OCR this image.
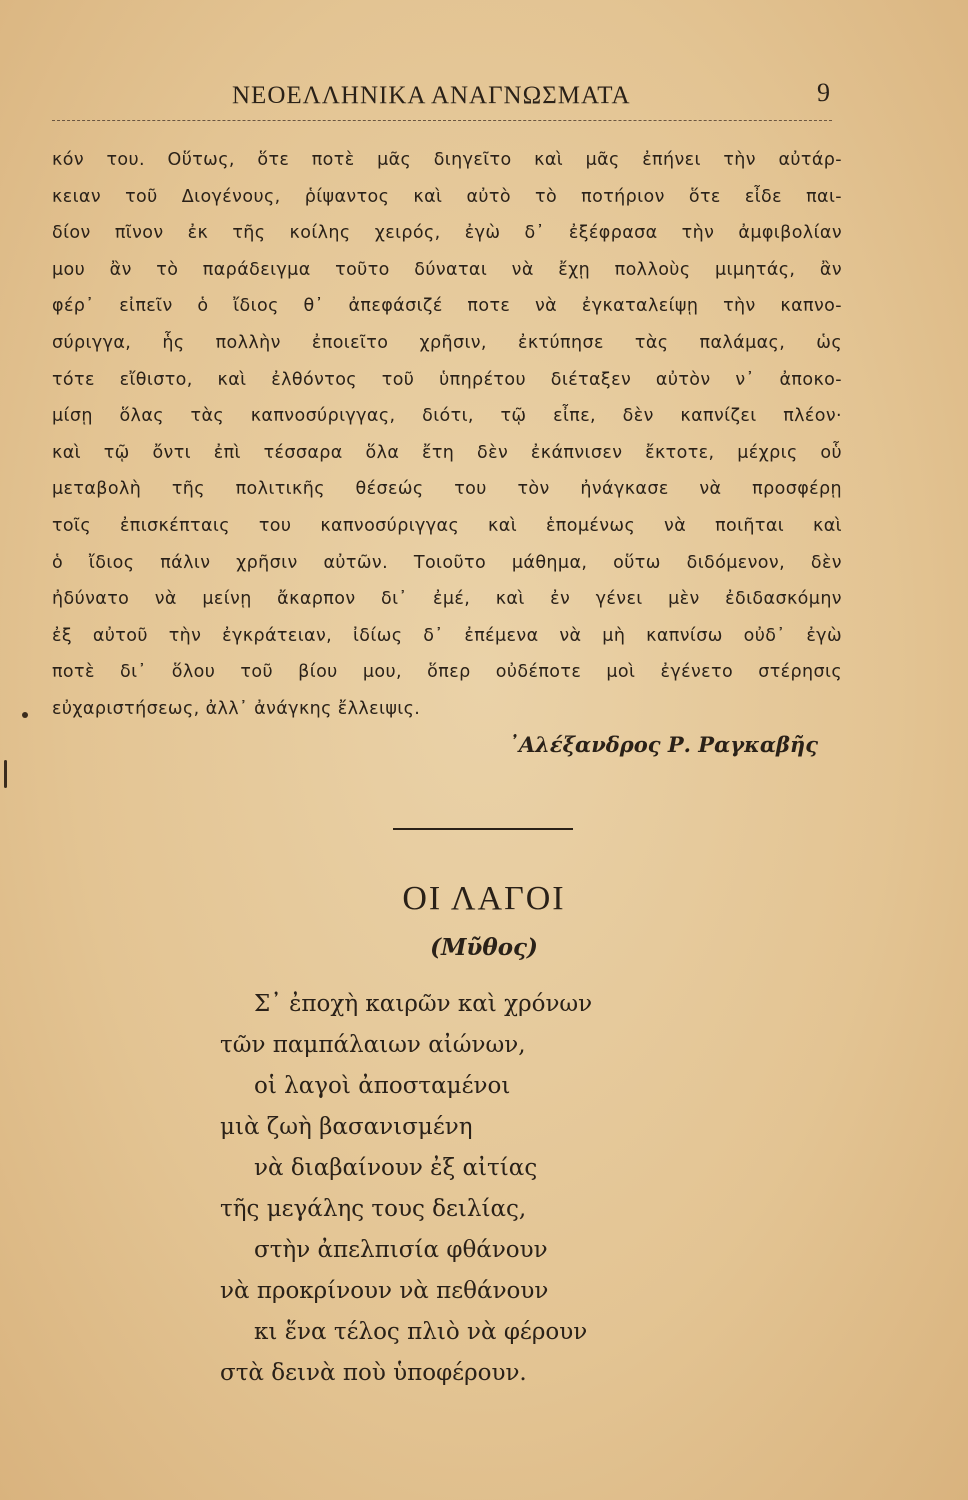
ΝΕΟΕΛΛΗΝΙΚΑ ΑΝΑΓΝΩΣΜΑΤΑ	9
κόν του. Οὕτως, ὅτε ποτὲ μᾶς διηγεῖτο καὶ μᾶς ἐπήνει τὴν αὐτάρ-
κειαν τοῦ Διογένους, ῥίψαντος καὶ αὐτὸ τὸ ποτήριον ὅτε εἶδε παι-
δίον πῖνον ἐκ τῆς κοίλης χειρός, ἐγὼ δ᾽ ἐξέφρασα τὴν ἀμφιβολίαν
μου ἂν τὸ παράδειγμα τοῦτο δύναται νὰ ἔχῃ πολλοὺς μιμητάς, ἂν
φέρ᾽ εἰπεῖν ὁ ἴδιος θ᾽ ἀπεφάσιζέ ποτε νὰ ἐγκαταλείψῃ τὴν καπνο-
σύριγγα, ἧς πολλὴν ἐποιεῖτο χρῆσιν, ἐκτύπησε τὰς παλάμας, ὡς
τότε εἴθιστο, καὶ ἐλθόντος τοῦ ὑπηρέτου διέταξεν αὐτὸν ν᾽ ἀποκο-
μίσῃ ὅλας τὰς καπνοσύριγγας, διότι, τῷ εἶπε, δὲν καπνίζει πλέον·
καὶ τῷ ὄντι ἐπὶ τέσσαρα ὅλα ἔτη δὲν ἐκάπνισεν ἔκτοτε, μέχρις οὗ
μεταβολὴ τῆς πολιτικῆς θέσεώς του τὸν ἠνάγκασε νὰ προσφέρῃ
τοῖς ἐπισκέπταις του καπνοσύριγγας καὶ ἑπομένως νὰ ποιῆται καὶ
ὁ ἴδιος πάλιν χρῆσιν αὐτῶν. Τοιοῦτο μάθημα, οὕτω διδόμενον, δὲν
ἠδύνατο νὰ μείνῃ ἄκαρπον δι᾽ ἐμέ, καὶ ἐν γένει μὲν ἐδιδασκόμην
ἐξ αὐτοῦ τὴν ἐγκράτειαν, ἰδίως δ᾽ ἐπέμενα νὰ μὴ καπνίσω οὐδ᾽ ἐγὼ
ποτὲ δι᾽ ὅλου τοῦ βίου μου, ὅπερ οὐδέποτε μοὶ ἐγένετο στέρησις
εὐχαριστήσεως, ἀλλ᾽ ἀνάγκης ἔλλειψις.
᾽Αλέξανδρος Ρ. Ραγκαβῆς
ΟΙ ΛΑΓΟΙ
(Μῦθος)
Σ᾽ ἐποχὴ καιρῶν καὶ χρόνων
τῶν παμπάλαιων αἰώνων,
οἱ λαγοὶ ἀποσταμένοι
μιὰ ζωὴ βασανισμένη
νὰ διαβαίνουν ἐξ αἰτίας
τῆς μεγάλης τους δειλίας,
στὴν ἀπελπισία φθάνουν
νὰ προκρίνουν νὰ πεθάνουν
κι ἕνα τέλος πλιὸ νὰ φέρουν
στὰ δεινὰ ποὺ ὑποφέρουν.
